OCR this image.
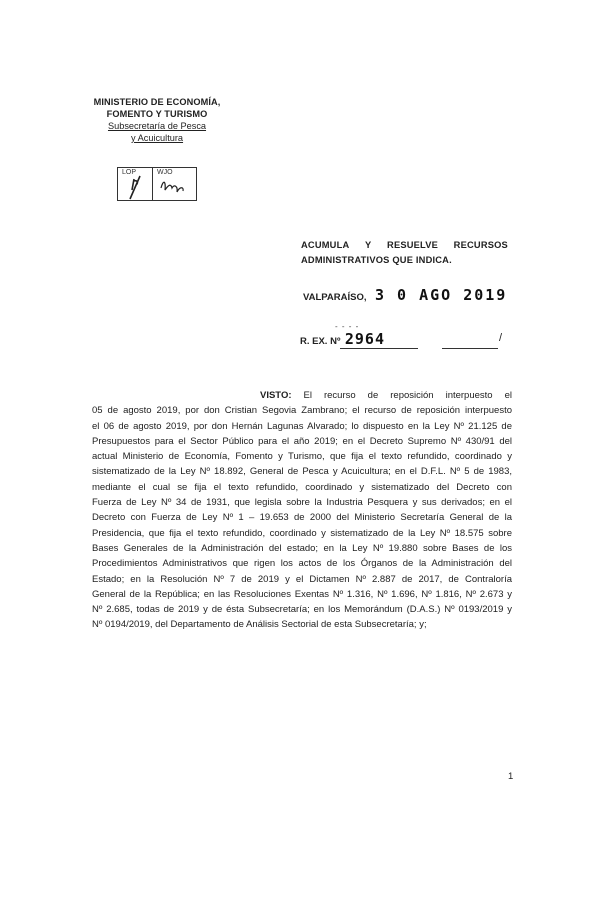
MINISTERIO DE ECONOMÍA,
FOMENTO Y TURISMO
Subsecretaría de Pesca
y Acuicultura
LOP	WJO
ACUMULA Y RESUELVE RECURSOS
ADMINISTRATIVOS QUE INDICA.
VALPARAÍSO, 3 0 AGO 2019
- - - -
R. EX. Nº 2964	/
VISTO: El recurso de reposición interpuesto el
05 de agosto 2019, por don Cristian Segovia Zambrano; el recurso de reposición interpuesto
el 06 de agosto 2019, por don Hernán Lagunas Alvarado; lo dispuesto en la Ley Nº 21.125 de
Presupuestos para el Sector Público para el año 2019; en el Decreto Supremo Nº 430/91 del
actual Ministerio de Economía, Fomento y Turismo, que fija el texto refundido, coordinado y
sistematizado de la Ley Nº 18.892, General de Pesca y Acuicultura; en el D.F.L. Nº 5 de 1983,
mediante el cual se fija el texto refundido, coordinado y sistematizado del Decreto con
Fuerza de Ley Nº 34 de 1931, que legisla sobre la Industria Pesquera y sus derivados; en el
Decreto con Fuerza de Ley Nº 1 – 19.653 de 2000 del Ministerio Secretaría General de la
Presidencia, que fija el texto refundido, coordinado y sistematizado de la Ley Nº 18.575 sobre
Bases Generales de la Administración del estado; en la Ley Nº 19.880 sobre Bases de los
Procedimientos Administrativos que rigen los actos de los Órganos de la Administración del
Estado; en la Resolución Nº 7 de 2019 y el Dictamen Nº 2.887 de 2017, de Contraloría
General de la República; en las Resoluciones Exentas Nº 1.316, Nº 1.696, Nº 1.816, Nº 2.673 y
Nº 2.685, todas de 2019 y de ésta Subsecretaría; en los Memorándum (D.A.S.) Nº 0193/2019 y
Nº 0194/2019, del Departamento de Análisis Sectorial de esta Subsecretaría; y;
1
